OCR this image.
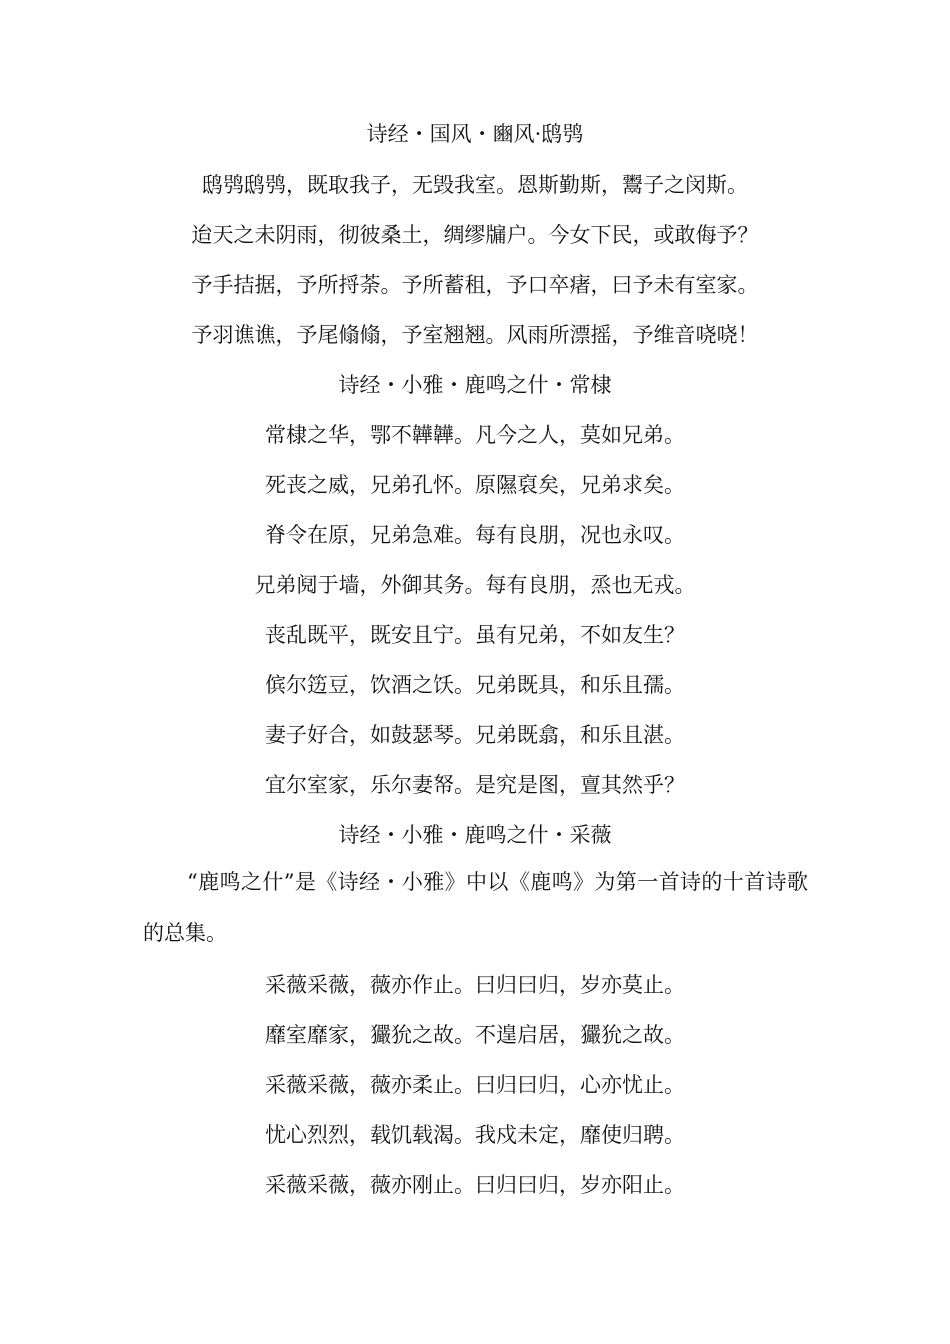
诗经・国风・豳风·鸱鸮
鸱鸮鸱鸮，既取我子，无毁我室。恩斯勤斯，鬻子之闵斯。
迨天之未阴雨，彻彼桑土，绸缪牖户。今女下民，或敢侮予？
予手拮据，予所捋荼。予所蓄租，予口卒瘏，曰予未有室家。
予羽谯谯，予尾翛翛，予室翘翘。风雨所漂摇，予维音哓哓！
诗经・小雅・鹿鸣之什・常棣
常棣之华，鄂不韡韡。凡今之人，莫如兄弟。
死丧之威，兄弟孔怀。原隰裒矣，兄弟求矣。
脊令在原，兄弟急难。每有良朋，况也永叹。
兄弟阋于墙，外御其务。每有良朋，烝也无戎。
丧乱既平，既安且宁。虽有兄弟，不如友生？
傧尔笾豆，饮酒之饫。兄弟既具，和乐且孺。
妻子好合，如鼓瑟琴。兄弟既翕，和乐且湛。
宜尔室家，乐尔妻帑。是究是图，亶其然乎？
诗经・小雅・鹿鸣之什・采薇
“鹿鸣之什”是《诗经・小雅》中以《鹿鸣》为第一首诗的十首诗歌的总集。
采薇采薇，薇亦作止。曰归曰归，岁亦莫止。
靡室靡家，玁狁之故。不遑启居，玁狁之故。
采薇采薇，薇亦柔止。曰归曰归，心亦忧止。
忧心烈烈，载饥载渴。我戍未定，靡使归聘。
采薇采薇，薇亦刚止。曰归曰归，岁亦阳止。
